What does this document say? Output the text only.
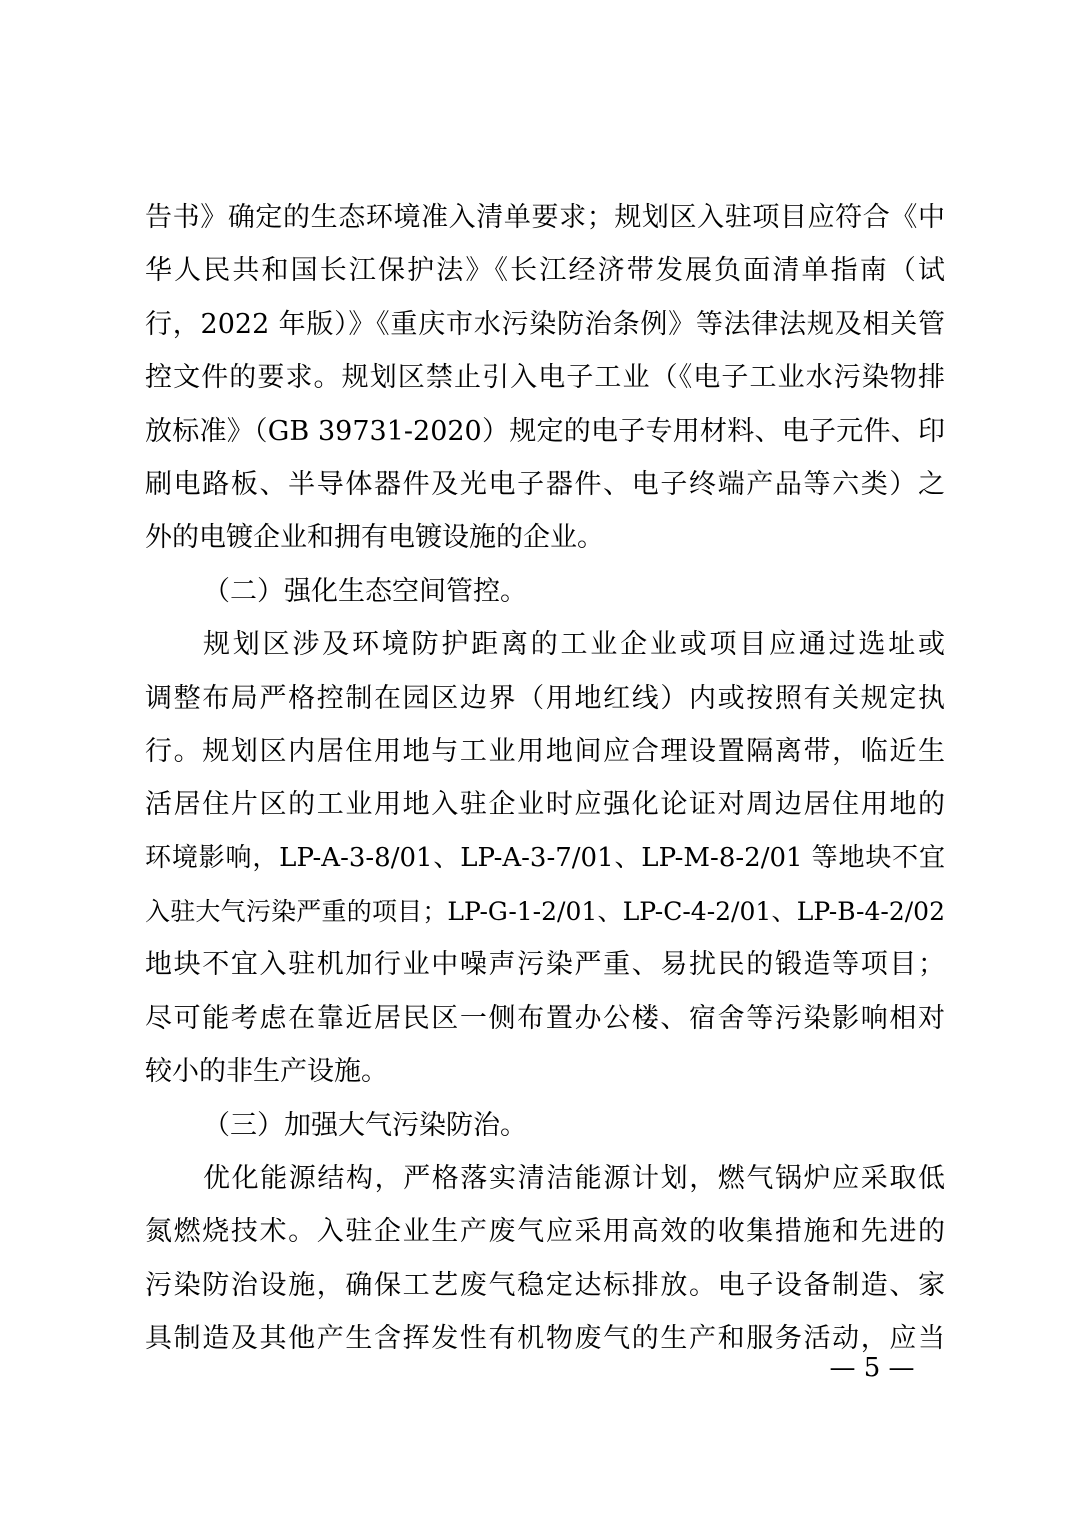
告书》确定的生态环境准入清单要求；规划区入驻项目应符合《中
华人民共和国长江保护法》《长江经济带发展负面清单指南（试
行，2022 年版）》《重庆市水污染防治条例》等法律法规及相关管
控文件的要求。规划区禁止引入电子工业（《电子工业水污染物排
放标准》（GB 39731-2020）规定的电子专用材料、电子元件、印
刷电路板、半导体器件及光电子器件、电子终端产品等六类）之
外的电镀企业和拥有电镀设施的企业。
（二）强化生态空间管控。
规划区涉及环境防护距离的工业企业或项目应通过选址或
调整布局严格控制在园区边界（用地红线）内或按照有关规定执
行。规划区内居住用地与工业用地间应合理设置隔离带，临近生
活居住片区的工业用地入驻企业时应强化论证对周边居住用地的
环境影响，LP-A-3-8/01、LP-A-3-7/01、LP-M-8-2/01 等地块不宜
入驻大气污染严重的项目；LP-G-1-2/01、LP-C-4-2/01、LP-B-4-2/02
地块不宜入驻机加行业中噪声污染严重、易扰民的锻造等项目；
尽可能考虑在靠近居民区一侧布置办公楼、宿舍等污染影响相对
较小的非生产设施。
（三）加强大气污染防治。
优化能源结构，严格落实清洁能源计划，燃气锅炉应采取低
氮燃烧技术。入驻企业生产废气应采用高效的收集措施和先进的
污染防治设施，确保工艺废气稳定达标排放。电子设备制造、家
具制造及其他产生含挥发性有机物废气的生产和服务活动，应当
— 5 —
